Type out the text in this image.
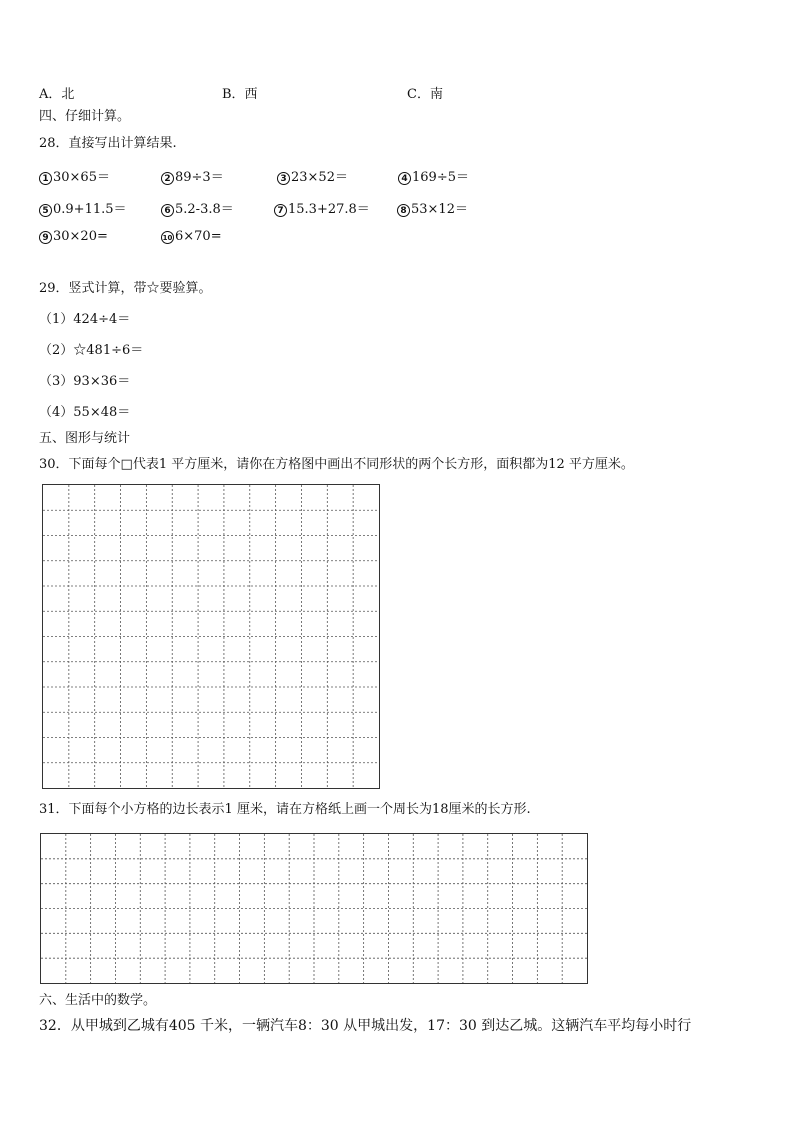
A．北	B．西	C．南
四、仔细计算。
28．直接写出计算结果.
1 30×65＝	2 89÷3＝	3 23×52＝	4 169÷5＝
5 0.9+11.5＝	6 5.2-3.8＝	7 15.3+27.8＝	8 53×12＝
9 30×20=	10 6×70=
29．竖式计算，带☆要验算。
（1）424÷4＝
（2）☆481÷6＝
（3）93×36＝
（4）55×48＝
五、图形与统计
30．下面每个□代表1 平方厘米，请你在方格图中画出不同形状的两个长方形，面积都为12 平方厘米。
31．下面每个小方格的边长表示1 厘米，请在方格纸上画一个周长为18厘米的长方形.
六、生活中的数学。
32．从甲城到乙城有405 千米，一辆汽车8：30 从甲城出发，17：30 到达乙城。这辆汽车平均每小时行
